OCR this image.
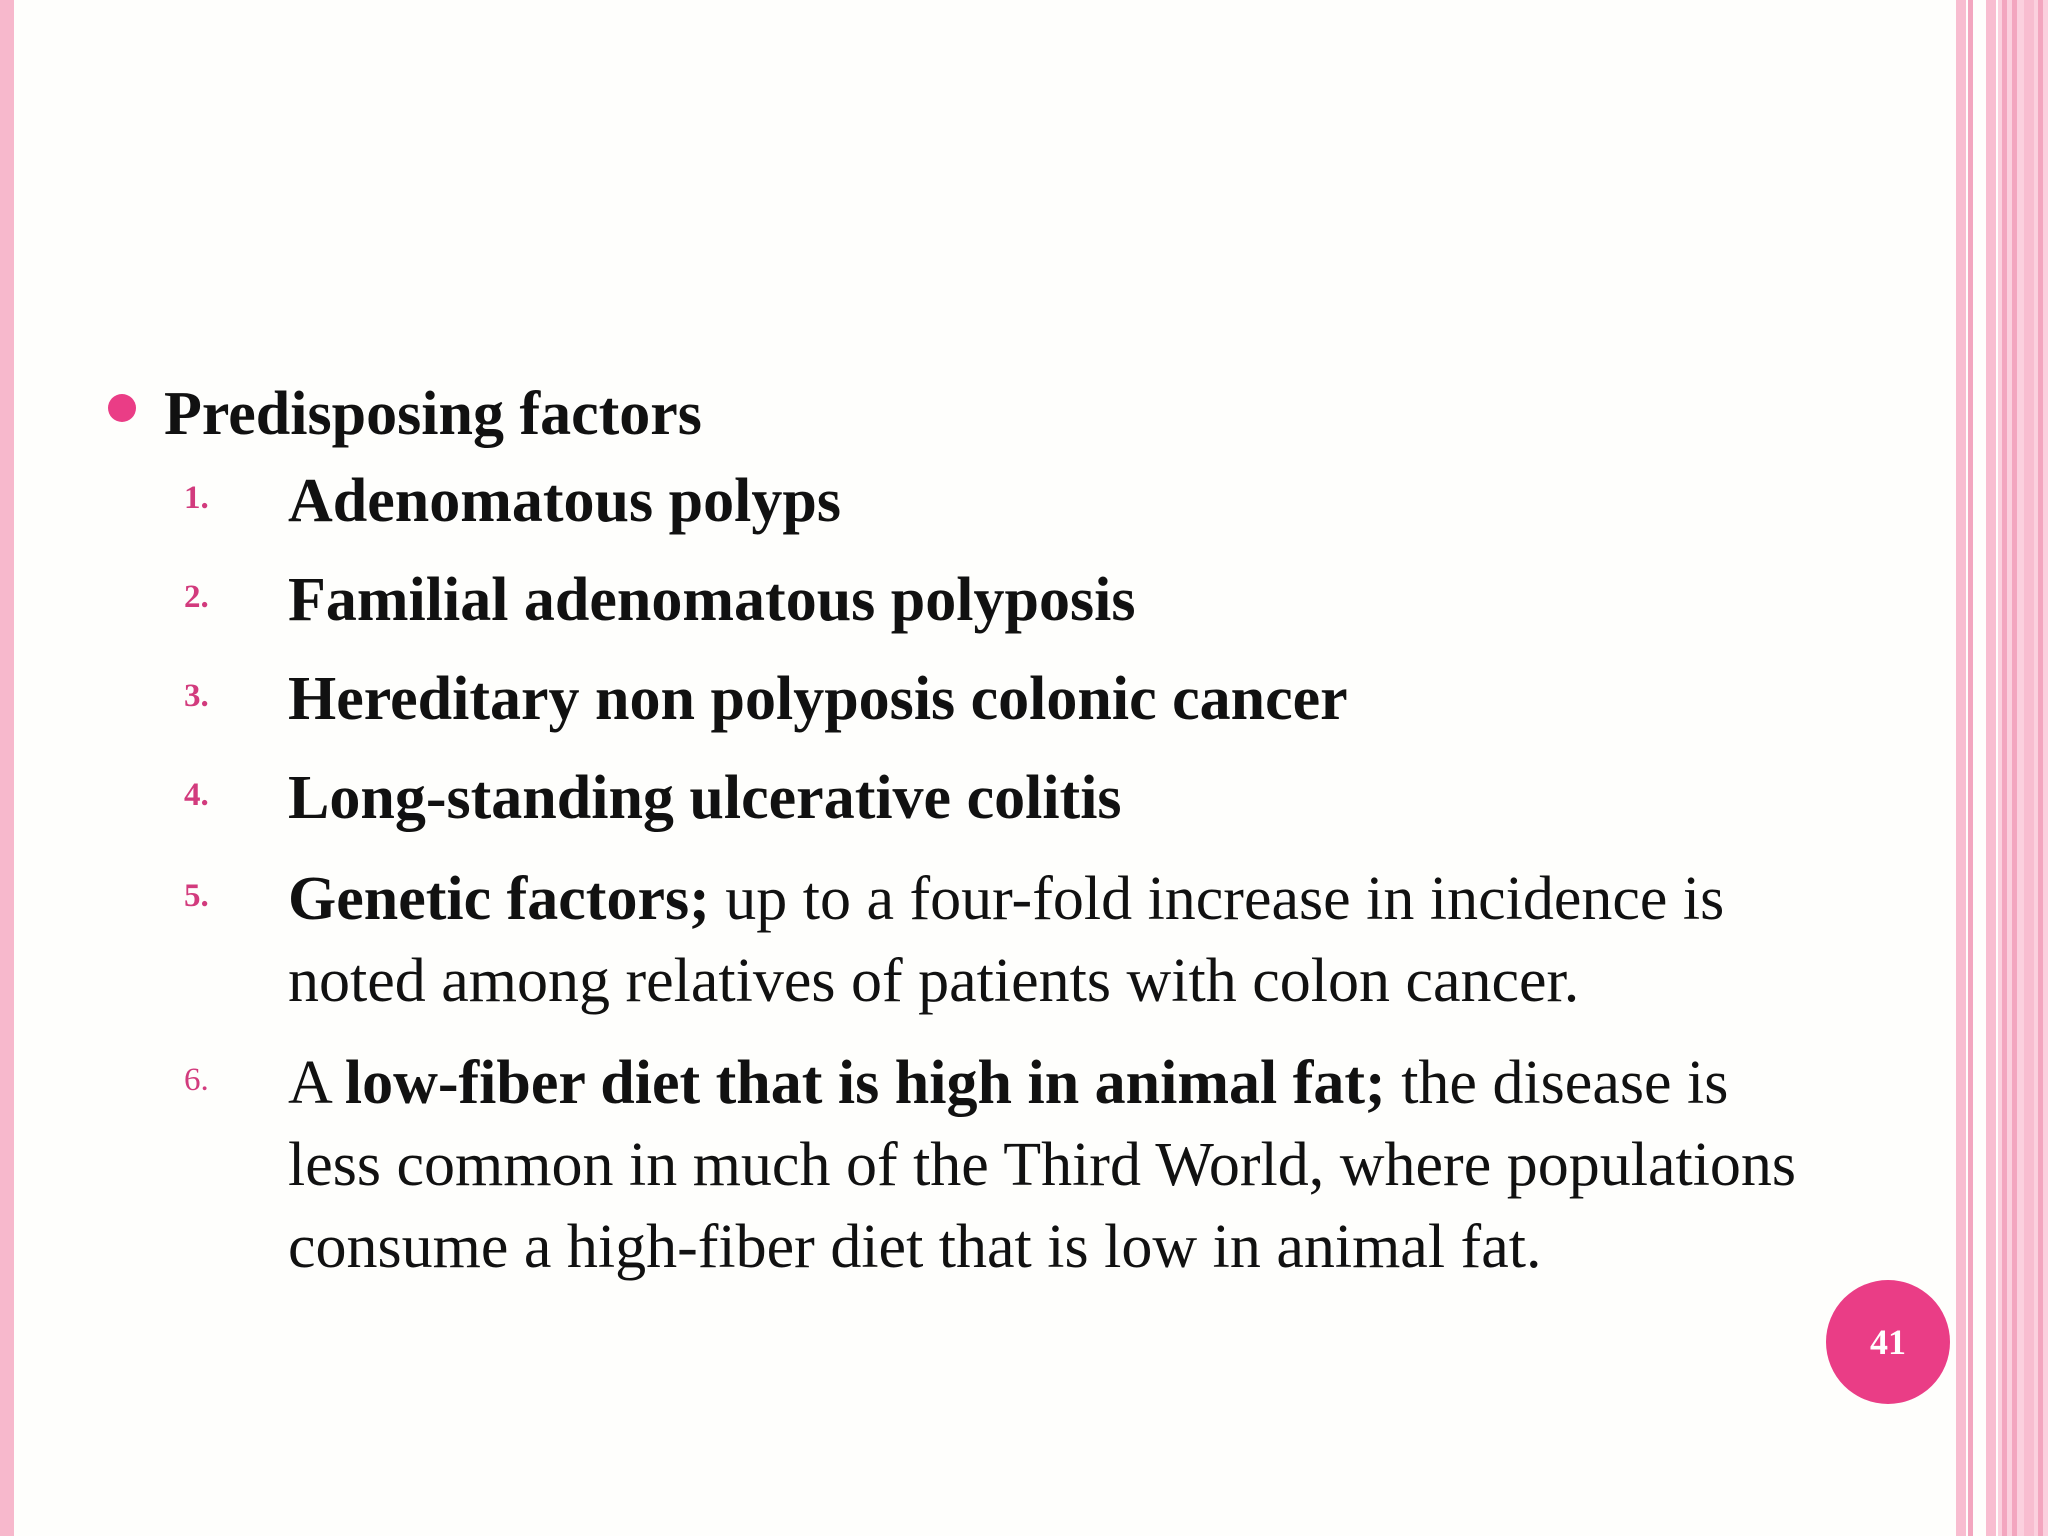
Predisposing factors
1. Adenomatous polyps
2. Familial adenomatous polyposis
3. Hereditary non polyposis colonic cancer
4. Long-standing ulcerative colitis
5. Genetic factors; up to a four-fold increase in incidence is
noted among relatives of patients with colon cancer.
6. A low-fiber diet that is high in animal fat; the disease is
less common in much of the Third World, where populations
consume a high-fiber diet that is low in animal fat.
41
